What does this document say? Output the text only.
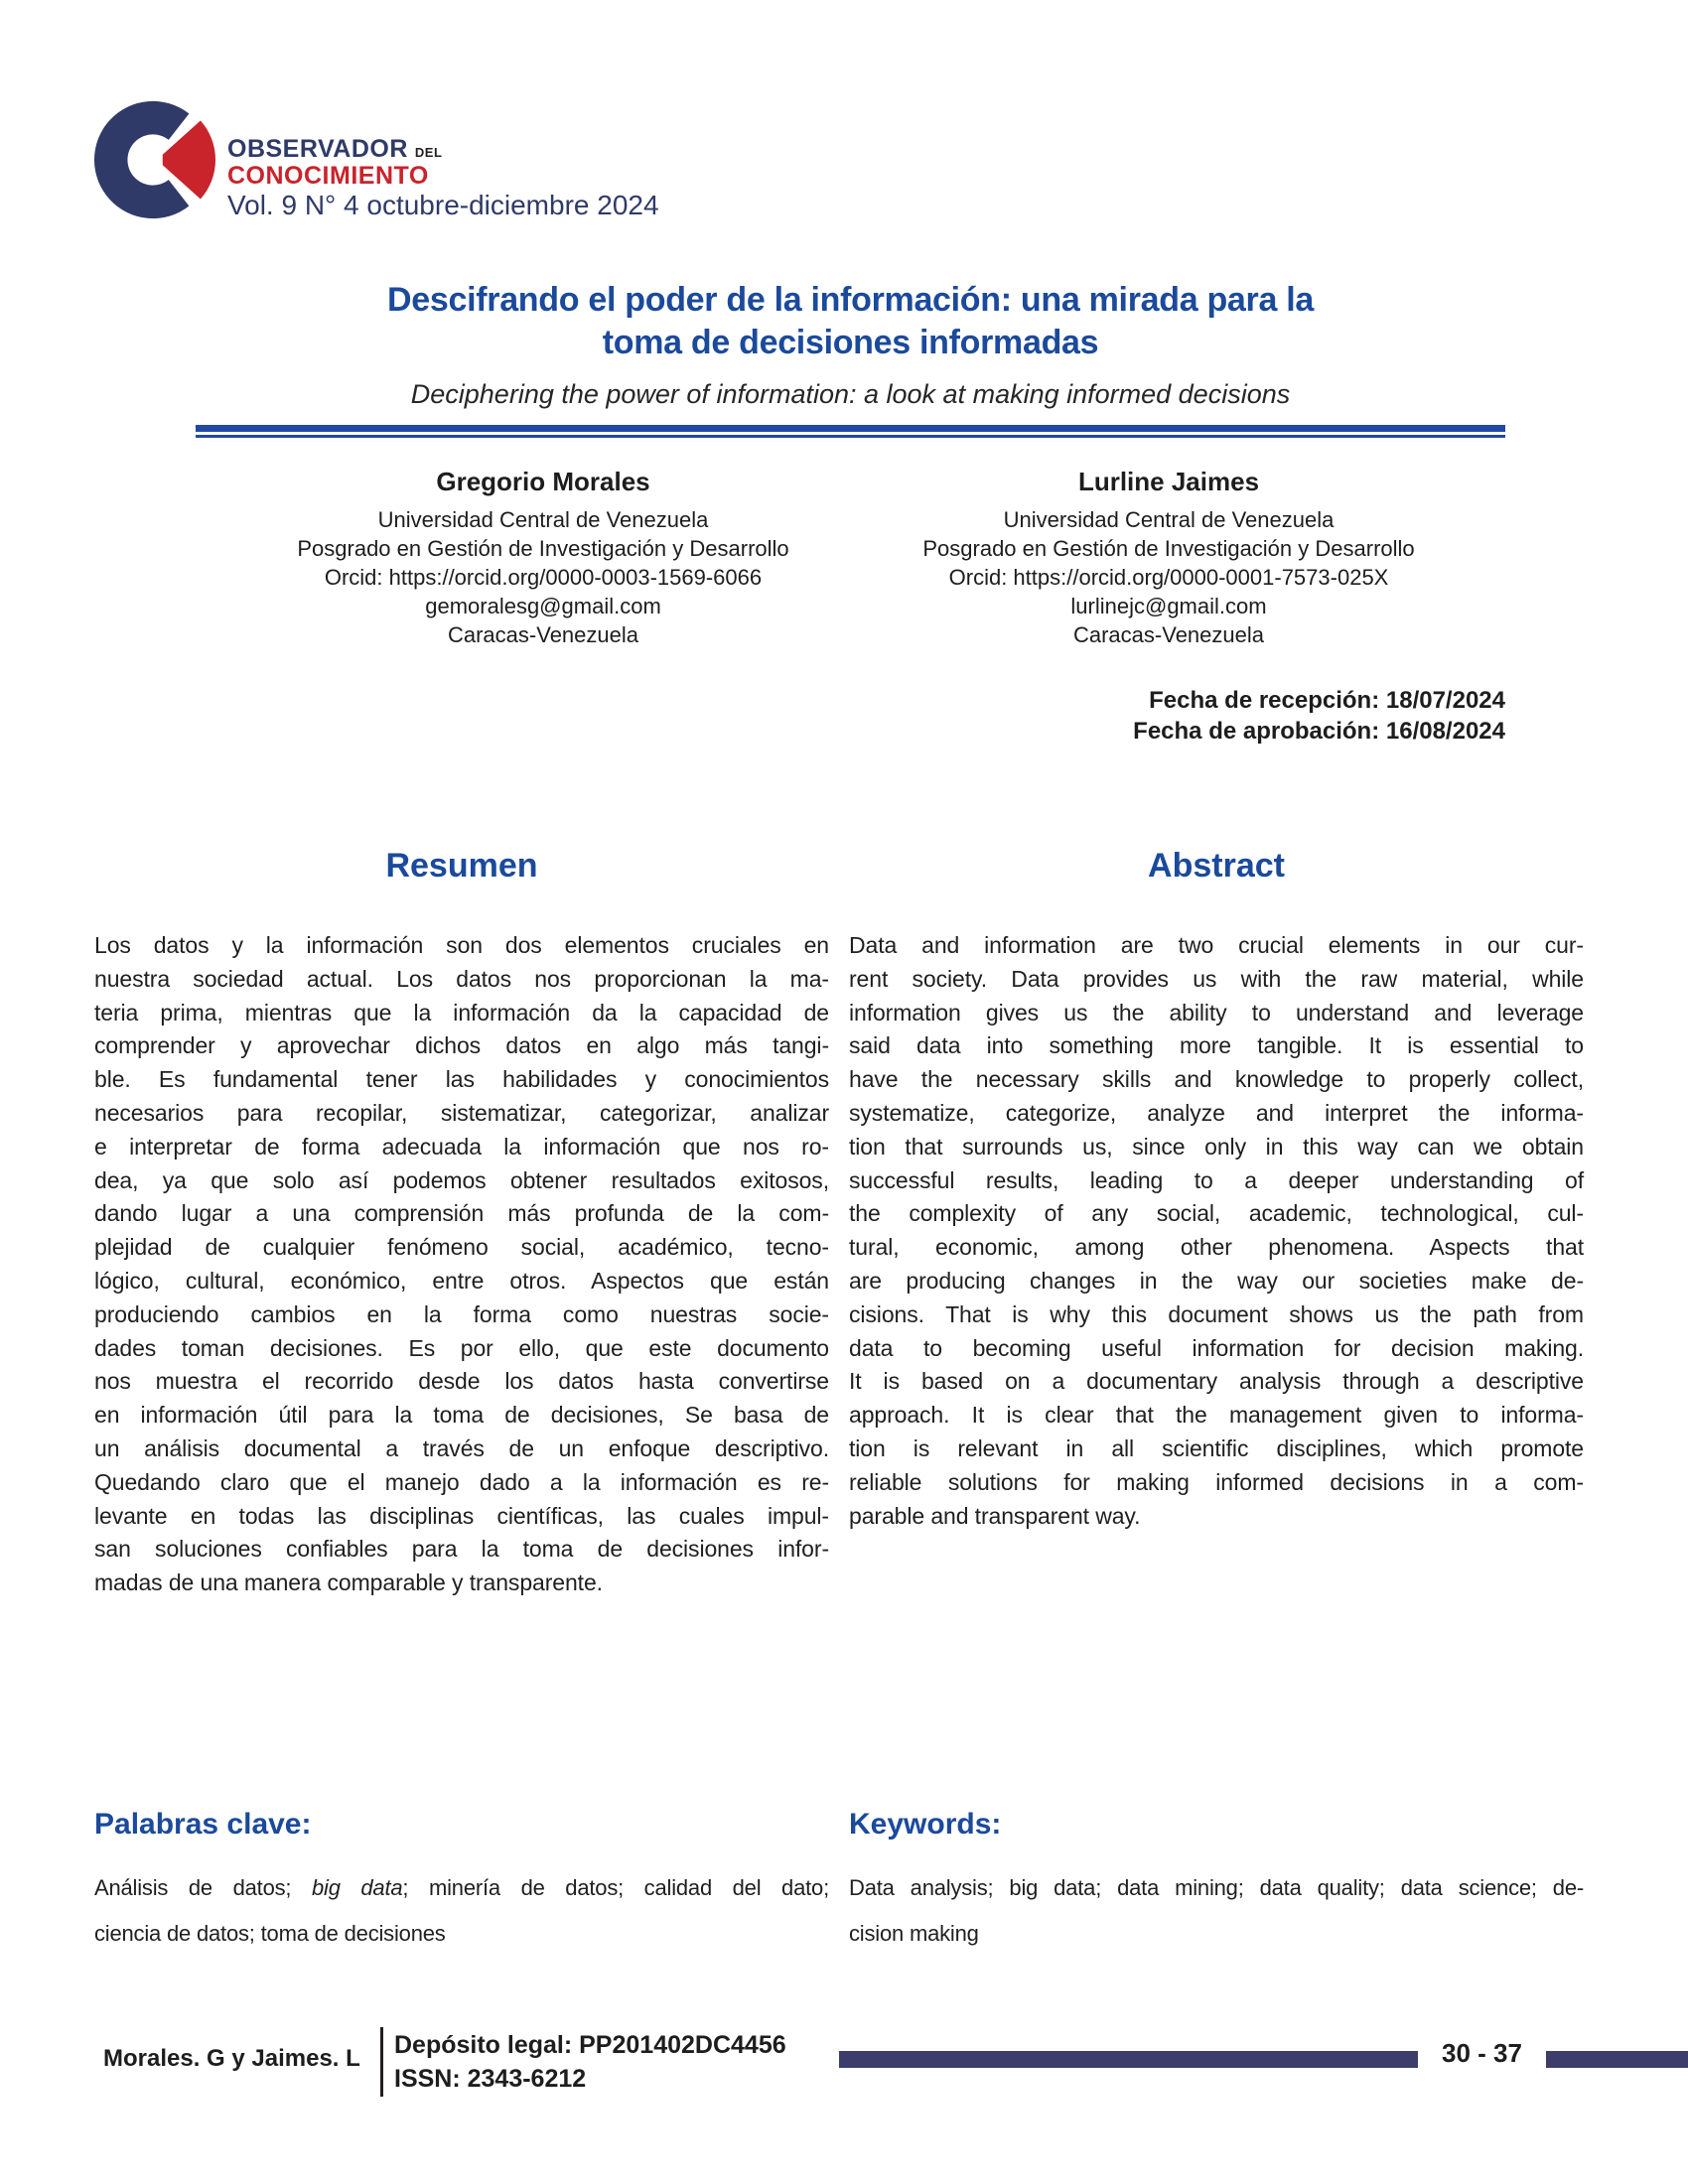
OBSERVADOR DEL
CONOCIMIENTO
Vol. 9 N° 4 octubre-diciembre 2024
Descifrando el poder de la información: una mirada para la
toma de decisiones informadas
Deciphering the power of information: a look at making informed decisions
Gregorio Morales
Universidad Central de Venezuela
Posgrado en Gestión de Investigación y Desarrollo
Orcid: https://orcid.org/0000-0003-1569-6066
gemoralesg@gmail.com
Caracas-Venezuela
Lurline Jaimes
Universidad Central de Venezuela
Posgrado en Gestión de Investigación y Desarrollo
Orcid: https://orcid.org/0000-0001-7573-025X
lurlinejc@gmail.com
Caracas-Venezuela
Fecha de recepción: 18/07/2024
Fecha de aprobación: 16/08/2024
Resumen	Abstract
Los datos y la información son dos elementos cruciales en
nuestra sociedad actual. Los datos nos proporcionan la ma-
teria prima, mientras que la información da la capacidad de
comprender y aprovechar dichos datos en algo más tangi-
ble. Es fundamental tener las habilidades y conocimientos
necesarios para recopilar, sistematizar, categorizar, analizar
e interpretar de forma adecuada la información que nos ro-
dea, ya que solo así podemos obtener resultados exitosos,
dando lugar a una comprensión más profunda de la com-
plejidad de cualquier fenómeno social, académico, tecno-
lógico, cultural, económico, entre otros. Aspectos que están
produciendo cambios en la forma como nuestras socie-
dades toman decisiones. Es por ello, que este documento
nos muestra el recorrido desde los datos hasta convertirse
en información útil para la toma de decisiones, Se basa de
un análisis documental a través de un enfoque descriptivo.
Quedando claro que el manejo dado a la información es re-
levante en todas las disciplinas científicas, las cuales impul-
san soluciones confiables para la toma de decisiones infor-
madas de una manera comparable y transparente.
Data and information are two crucial elements in our cur-
rent society. Data provides us with the raw material, while
information gives us the ability to understand and leverage
said data into something more tangible. It is essential to
have the necessary skills and knowledge to properly collect,
systematize, categorize, analyze and interpret the informa-
tion that surrounds us, since only in this way can we obtain
successful results, leading to a deeper understanding of
the complexity of any social, academic, technological, cul-
tural, economic, among other phenomena. Aspects that
are producing changes in the way our societies make de-
cisions. That is why this document shows us the path from
data to becoming useful information for decision making.
It is based on a documentary analysis through a descriptive
approach. It is clear that the management given to informa-
tion is relevant in all scientific disciplines, which promote
reliable solutions for making informed decisions in a com-
parable and transparent way.
Palabras clave:
Análisis de datos; big data; minería de datos; calidad del dato;
ciencia de datos; toma de decisiones
Keywords:
Data analysis; big data; data mining; data quality; data science; de-
cision making
Morales. G y Jaimes. L Depósito legal: PP201402DC4456
ISSN: 2343-6212
30 - 37
